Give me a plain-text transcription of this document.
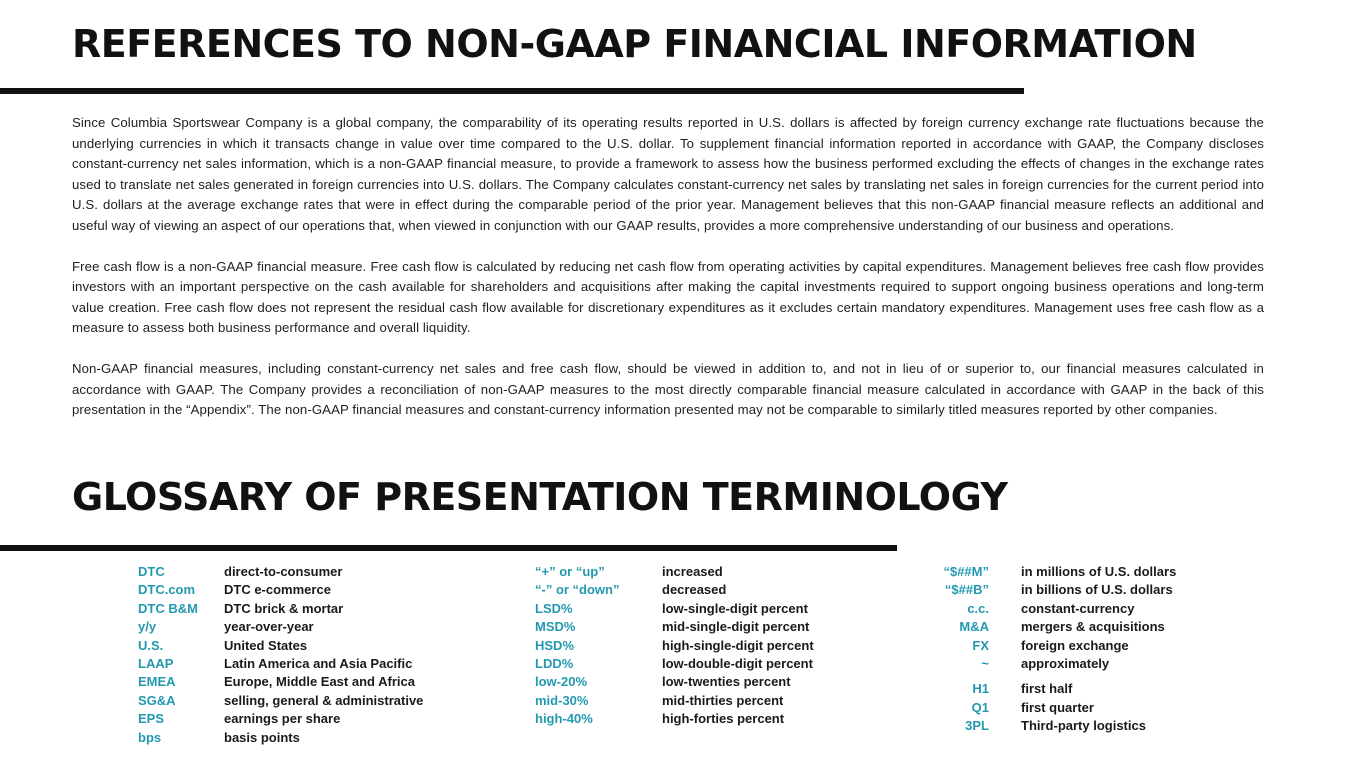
REFERENCES TO NON-GAAP FINANCIAL INFORMATION

Since Columbia Sportswear Company is a global company, the comparability of its operating results reported in U.S. dollars is affected by foreign currency exchange rate fluctuations because the underlying currencies in which it transacts change in value over time compared to the U.S. dollar. To supplement financial information reported in accordance with GAAP, the Company discloses constant-currency net sales information, which is a non-GAAP financial measure, to provide a framework to assess how the business performed excluding the effects of changes in the exchange rates used to translate net sales generated in foreign currencies into U.S. dollars. The Company calculates constant-currency net sales by translating net sales in foreign currencies for the current period into U.S. dollars at the average exchange rates that were in effect during the comparable period of the prior year. Management believes that this non-GAAP financial measure reflects an additional and useful way of viewing an aspect of our operations that, when viewed in conjunction with our GAAP results, provides a more comprehensive understanding of our business and operations.

Free cash flow is a non-GAAP financial measure. Free cash flow is calculated by reducing net cash flow from operating activities by capital expenditures. Management believes free cash flow provides investors with an important perspective on the cash available for shareholders and acquisitions after making the capital investments required to support ongoing business operations and long-term value creation. Free cash flow does not represent the residual cash flow available for discretionary expenditures as it excludes certain mandatory expenditures. Management uses free cash flow as a measure to assess both business performance and overall liquidity.

Non-GAAP financial measures, including constant-currency net sales and free cash flow, should be viewed in addition to, and not in lieu of or superior to, our financial measures calculated in accordance with GAAP. The Company provides a reconciliation of non-GAAP measures to the most directly comparable financial measure calculated in accordance with GAAP in the back of this presentation in the “Appendix”. The non-GAAP financial measures and constant-currency information presented may not be comparable to similarly titled measures reported by other companies.

GLOSSARY OF PRESENTATION TERMINOLOGY
DTC	direct-to-consumer
DTC.com	DTC e-commerce
DTC B&M	DTC brick & mortar
y/y	year-over-year
U.S.	United States
LAAP	Latin America and Asia Pacific
EMEA	Europe, Middle East and Africa
SG&A	selling, general & administrative
EPS	earnings per share
bps	basis points
“+” or “up”	increased
“-” or “down”	decreased
LSD%	low-single-digit percent
MSD%	mid-single-digit percent
HSD%	high-single-digit percent
LDD%	low-double-digit percent
low-20%	low-twenties percent
mid-30%	mid-thirties percent
high-40%	high-forties percent
“$##M” in millions of U.S. dollars
“$##B” in billions of U.S. dollars
c.c. constant-currency
M&A mergers & acquisitions
FX foreign exchange
~ approximately
H1 first half
Q1 first quarter
3PL Third-party logistics
